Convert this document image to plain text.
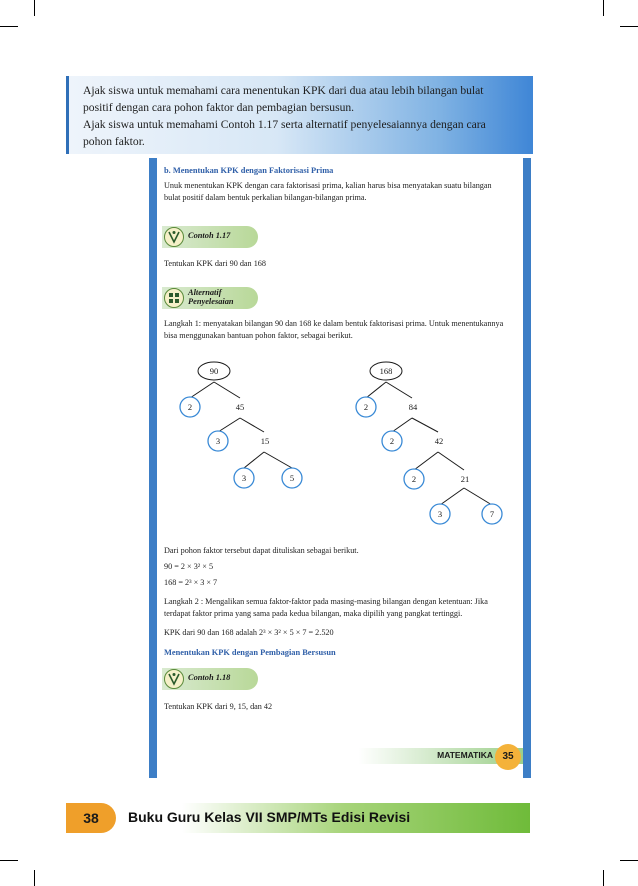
Ajak siswa untuk memahami cara menentukan KPK dari dua atau lebih bilangan bulat
positif dengan cara pohon faktor dan pembagian bersusun.
Ajak siswa untuk memahami Contoh 1.17 serta alternatif penyelesaiannya dengan cara
pohon faktor.

b. Menentukan KPK dengan Faktorisasi Prima
Unuk menentukan KPK dengan cara faktorisasi prima, kalian harus bisa menyatakan suatu bilangan
bulat positif dalam bentuk perkalian bilangan-bilangan prima.
Contoh 1.17
Tentukan KPK dari 90 dan 168
Alternatif
Penyelesaian
Langkah 1: menyatakan bilangan 90 dan 168 ke dalam bentuk faktorisasi prima. Untuk menentukannya
bisa menggunakan bantuan pohon faktor, sebagai berikut.
90
2	45
3	15
3	5
168
2	84
2	42
2	21
3	7
Dari pohon faktor tersebut dapat dituliskan sebagai berikut.
90 = 2 × 3² × 5
168 = 2³ × 3 × 7
Langkah 2 : Mengalikan semua faktor-faktor pada masing-masing bilangan dengan ketentuan: Jika
terdapat faktor prima yang sama pada kedua bilangan, maka dipilih yang pangkat tertinggi.
KPK dari 90 dan 168 adalah 2³ × 3² × 5 × 7 = 2.520
Menentukan KPK dengan Pembagian Bersusun
Contoh 1.18
Tentukan KPK dari 9, 15, dan 42
MATEMATIKA 35
38	Buku Guru Kelas VII SMP/MTs Edisi Revisi
